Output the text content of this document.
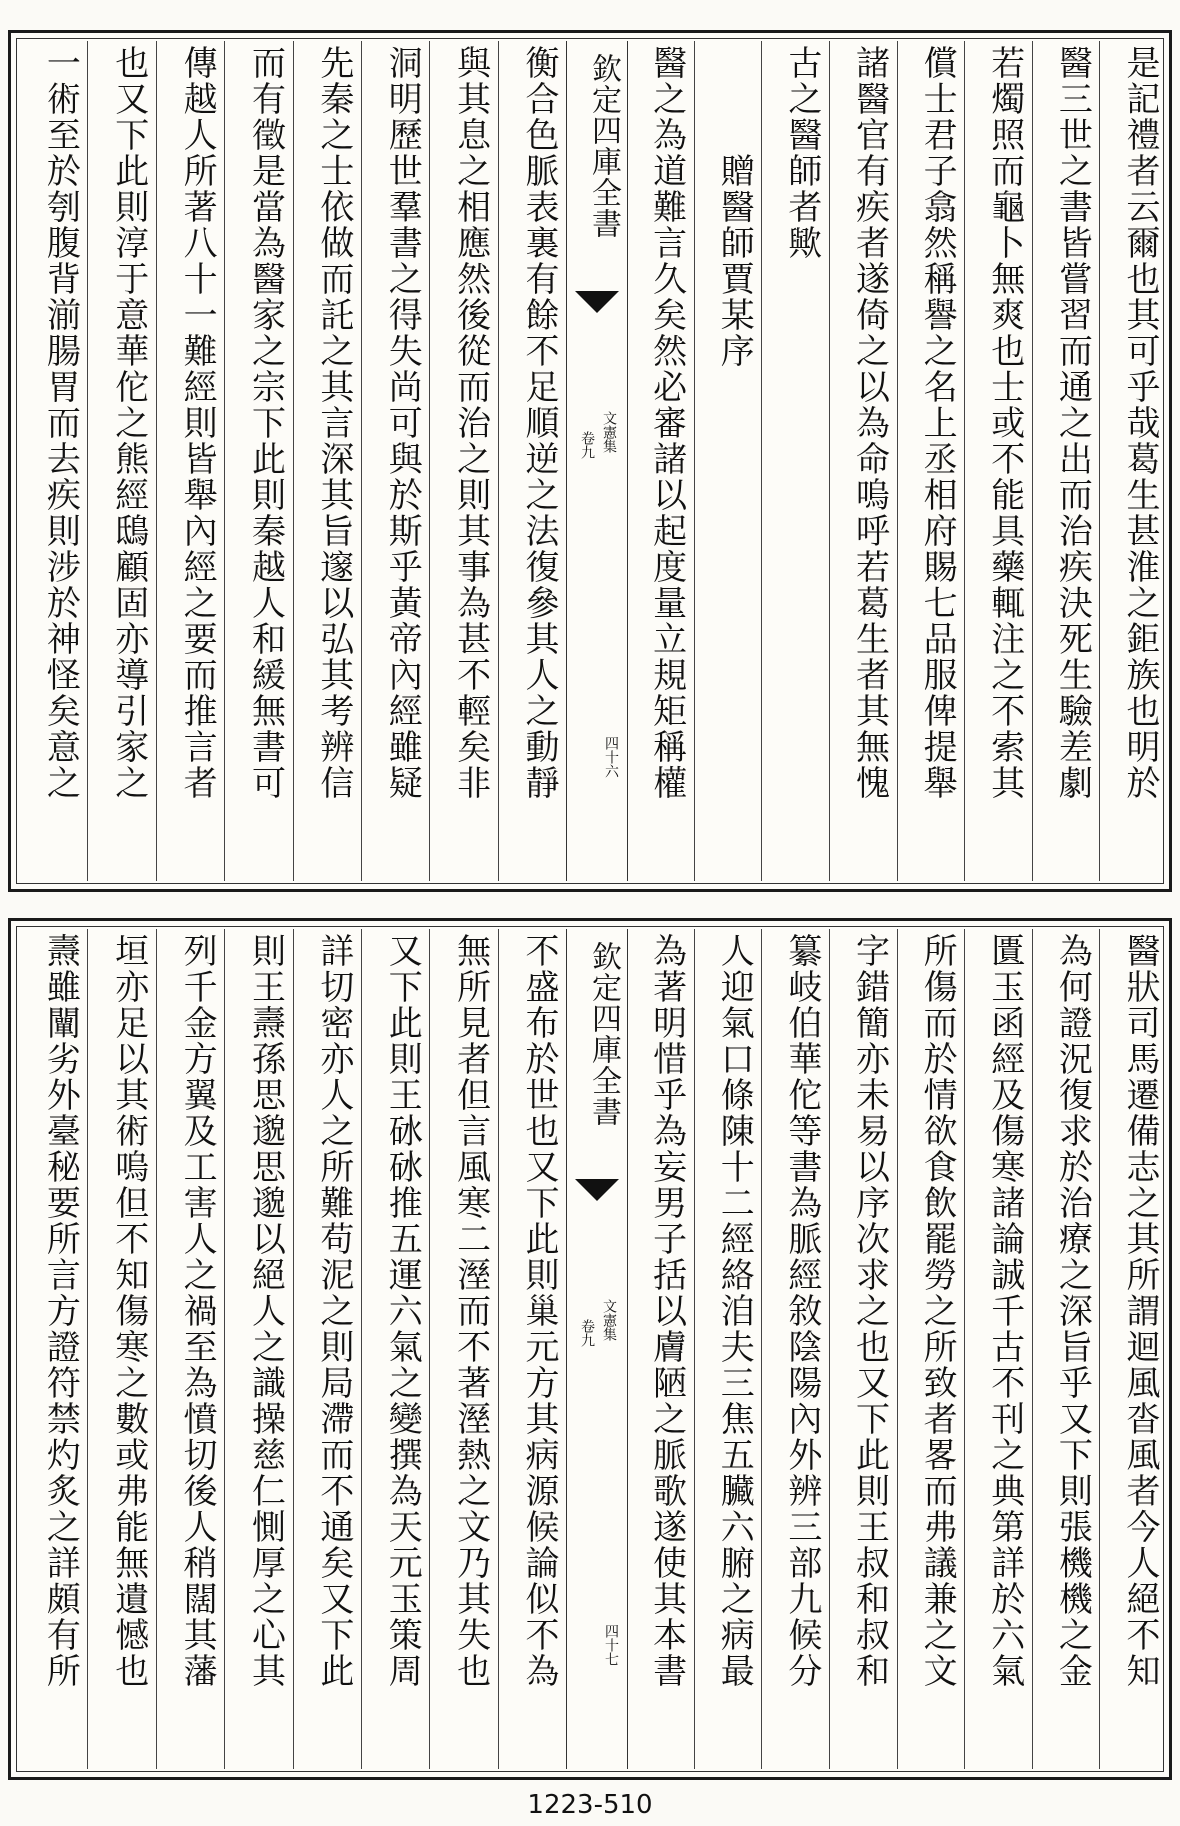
是記禮者云爾也其可乎哉葛生甚淮之鉅族也明於
醫三世之書皆嘗習而通之出而治疾決死生驗差劇
若燭照而龜卜無爽也士或不能具藥輒注之不索其
償士君子翕然稱譽之名上丞相府賜七品服俾提舉
諸醫官有疾者遂倚之以為命嗚呼若葛生者其無愧
古之醫師者歟
贈醫師賈某序
醫之為道難言久矣然必審諸以起度量立規矩稱權
衡合色脈表裏有餘不足順逆之法復參其人之動靜
與其息之相應然後從而治之則其事為甚不輕矣非
洞明歷世羣書之得失尚可與於斯乎黃帝內經雖疑
先秦之士依做而託之其言深其旨邃以弘其考辨信
而有徵是當為醫家之宗下此則秦越人和緩無書可
傳越人所著八十一難經則皆舉內經之要而推言者
也又下此則淳于意華佗之熊經鴟顧固亦導引家之
一術至於刳腹背湔腸胃而去疾則涉於神怪矣意之	欽定四庫全書
文憲集
卷九
四十六
醫狀司馬遷備志之其所謂迴風沓風者今人絕不知
為何證況復求於治療之深旨乎又下則張機機之金
匱玉函經及傷寒諸論誠千古不刊之典第詳於六氣
所傷而於情欲食飲罷勞之所致者畧而弗議兼之文
字錯簡亦未易以序次求之也又下此則王叔和叔和
纂岐伯華佗等書為脈經敘陰陽內外辨三部九候分
人迎氣口條陳十二經絡洎夫三焦五臟六腑之病最
為著明惜乎為妄男子括以膚陋之脈歌遂使其本書
不盛布於世也又下此則巢元方其病源候論似不為
無所見者但言風寒二溼而不著溼熱之文乃其失也
又下此則王砅砅推五運六氣之變撰為天元玉策周
詳切密亦人之所難苟泥之則局滯而不通矣又下此
則王燾孫思邈思邈以絕人之識操慈仁惻厚之心其
列千金方翼及工害人之禍至為憤切後人稍闊其藩
垣亦足以其術嗚但不知傷寒之數或弗能無遺憾也
燾雖闡劣外臺秘要所言方證符禁灼炙之詳頗有所	欽定四庫全書
文憲集
卷九
四十七
1223-510
